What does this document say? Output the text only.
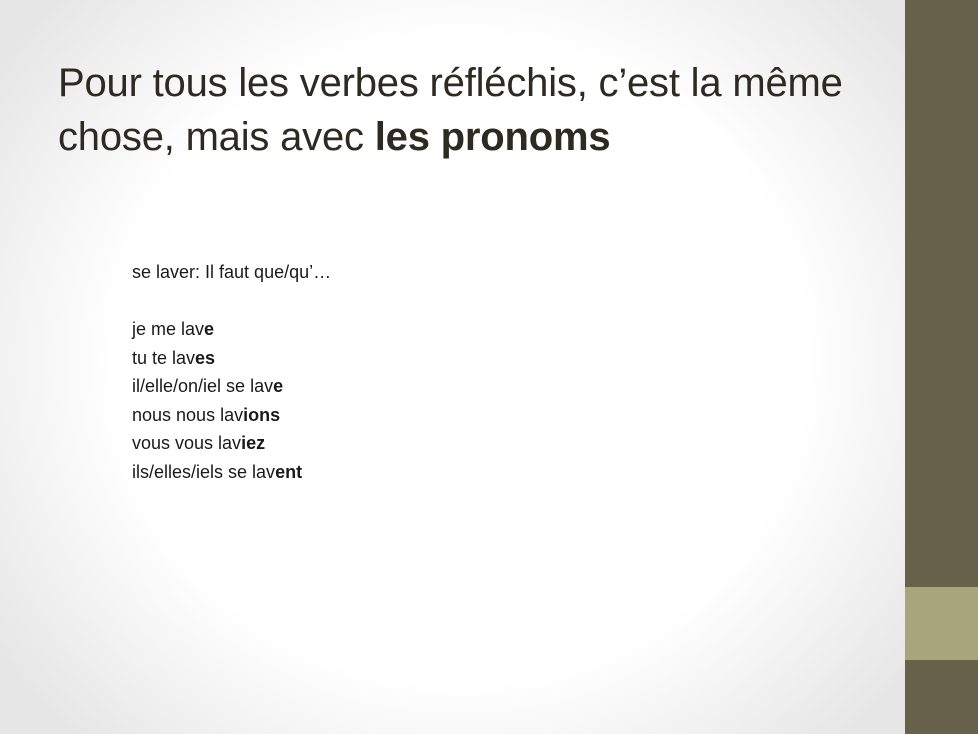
Pour tous les verbes réfléchis, c’est la même chose, mais avec les pronoms

se laver: Il faut que/qu’…

je me lave

tu te laves

il/elle/on/iel se lave

nous nous lavions

vous vous laviez

ils/elles/iels se lavent
